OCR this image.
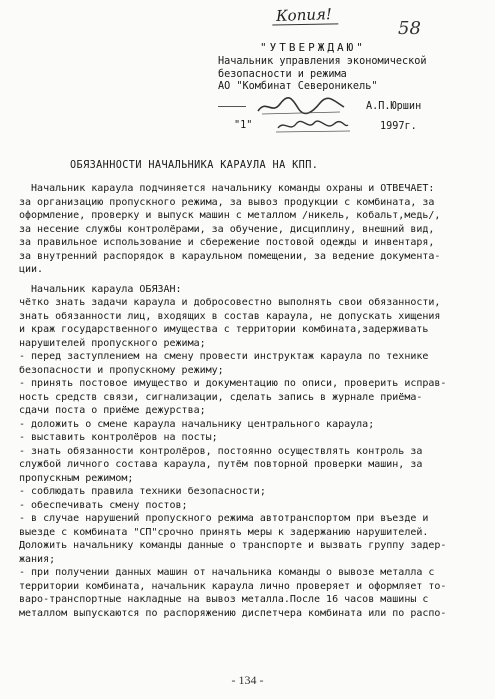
Копия!
58
"УТВЕРЖДАЮ"
Начальник управления экономической
безопасности и режима
АО "Комбинат Североникель"
А.П.Юршин
"1"	1997г.
ОБЯЗАННОСТИ НАЧАЛЬНИКА КАРАУЛА НА КПП.
Начальник караула подчиняется начальнику команды охраны и ОТВЕЧАЕТ:
за организацию пропускного режима, за вывоз продукции с комбината, за
оформление, проверку и выпуск машин с металлом /никель, кобальт,медь/,
за несение службы контролёрами, за обучение, дисциплину, внешний вид,
за правильное использование и сбережение постовой одежды и инвентаря,
за внутренний распорядок в караульном помещении, за ведение документа-
ции.
Начальник караула ОБЯЗАН:
чётко знать задачи караула и добросовестно выполнять свои обязанности,
знать обязанности лиц, входящих в состав караула, не допускать хищения
и краж государственного имущества с территории комбината,задерживать
нарушителей пропускного режима;
- перед заступлением на смену провести инструктаж караула по технике
безопасности и пропускному режиму;
- принять постовое имущество и документацию по описи, проверить исправ-
ность средств связи, сигнализации, сделать запись в журнале приёма-
сдачи поста о приёме дежурства;
- доложить о смене караула начальнику центрального караула;
- выставить контролёров на посты;
- знать обязанности контролёров, постоянно осуществлять контроль за
службой личного состава караула, путём повторной проверки машин, за
пропускным режимом;
- соблюдать правила техники безопасности;
- обеспечивать смену постов;
- в случае нарушений пропускного режима автотранспортом при въезде и
выезде с комбината "СП"срочно принять меры к задержанию нарушителей.
Доложить начальнику команды данные о транспорте и вызвать группу задер-
жания;
- при получении данных машин от начальника команды о вывозе металла с
территории комбината, начальник караула лично проверяет и оформляет то-
варо-транспортные накладные на вывоз металла.После 16 часов машины с
металлом выпускаются по распоряжению диспетчера комбината или по распо-
- 134 -
